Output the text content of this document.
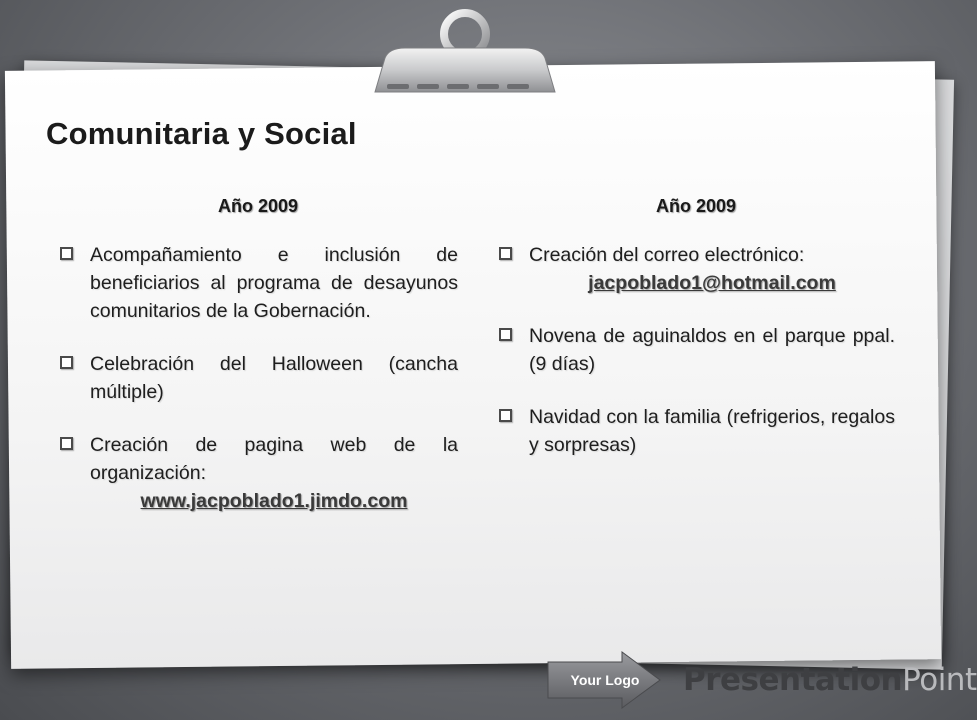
Comunitaria y Social
Año 2009
Acompañamiento e inclusión de beneficiarios al programa de desayunos comunitarios de la Gobernación.
Celebración del Halloween (cancha múltiple)
Creación de pagina web de la organización:
www.jacpoblado1.jimdo.com
Año 2009
Creación del correo electrónico:
jacpoblado1@hotmail.com
Novena de aguinaldos en el parque ppal.(9 días)
Navidad con la familia (refrigerios, regalos y sorpresas)
Your Logo	PresentationPoint
